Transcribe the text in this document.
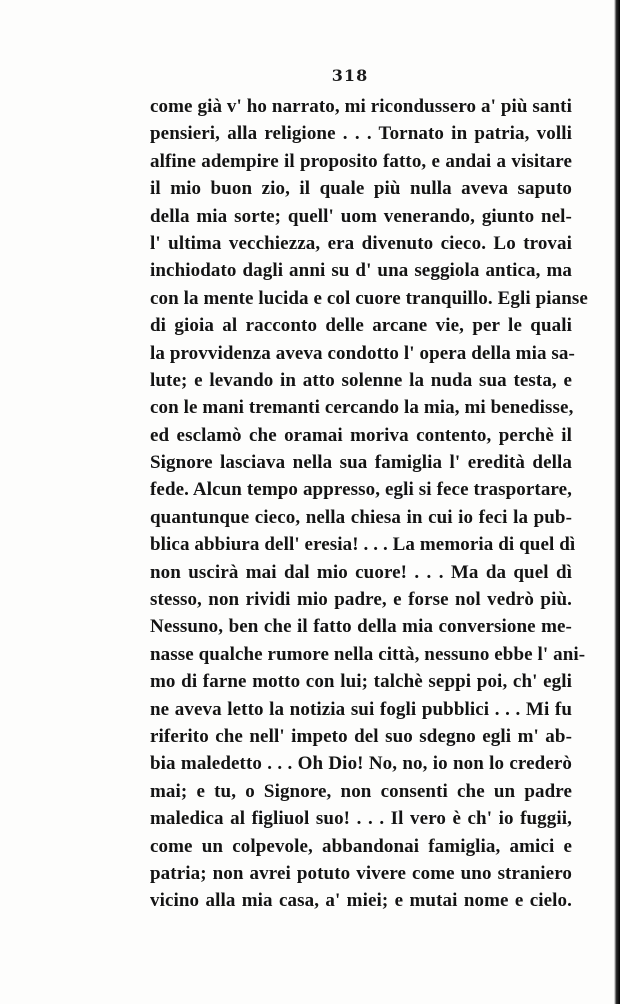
318
come già v' ho narrato, mi ricondussero a' più santi
pensieri, alla religione . . . Tornato in patria, volli
alfine adempire il proposito fatto, e andai a visitare
il mio buon zio, il quale più nulla aveva saputo
della mia sorte; quell' uom venerando, giunto nel-
l' ultima vecchiezza, era divenuto cieco. Lo trovai
inchiodato dagli anni su d' una seggiola antica, ma
con la mente lucida e col cuore tranquillo. Egli pianse
di gioia al racconto delle arcane vie, per le quali
la provvidenza aveva condotto l' opera della mia sa-
lute; e levando in atto solenne la nuda sua testa, e
con le mani tremanti cercando la mia, mi benedisse,
ed esclamò che oramai moriva contento, perchè il
Signore lasciava nella sua famiglia l' eredità della
fede. Alcun tempo appresso, egli si fece trasportare,
quantunque cieco, nella chiesa in cui io feci la pub-
blica abbiura dell' eresia! . . . La memoria di quel dì
non uscirà mai dal mio cuore! . . . Ma da quel dì
stesso, non rividi mio padre, e forse nol vedrò più.
Nessuno, ben che il fatto della mia conversione me-
nasse qualche rumore nella città, nessuno ebbe l' ani-
mo di farne motto con lui; talchè seppi poi, ch' egli
ne aveva letto la notizia sui fogli pubblici . . . Mi fu
riferito che nell' impeto del suo sdegno egli m' ab-
bia maledetto . . . Oh Dio! No, no, io non lo crederò
mai; e tu, o Signore, non consenti che un padre
maledica al figliuol suo! . . . Il vero è ch' io fuggii,
come un colpevole, abbandonai famiglia, amici e
patria; non avrei potuto vivere come uno straniero
vicino alla mia casa, a' miei; e mutai nome e cielo.
